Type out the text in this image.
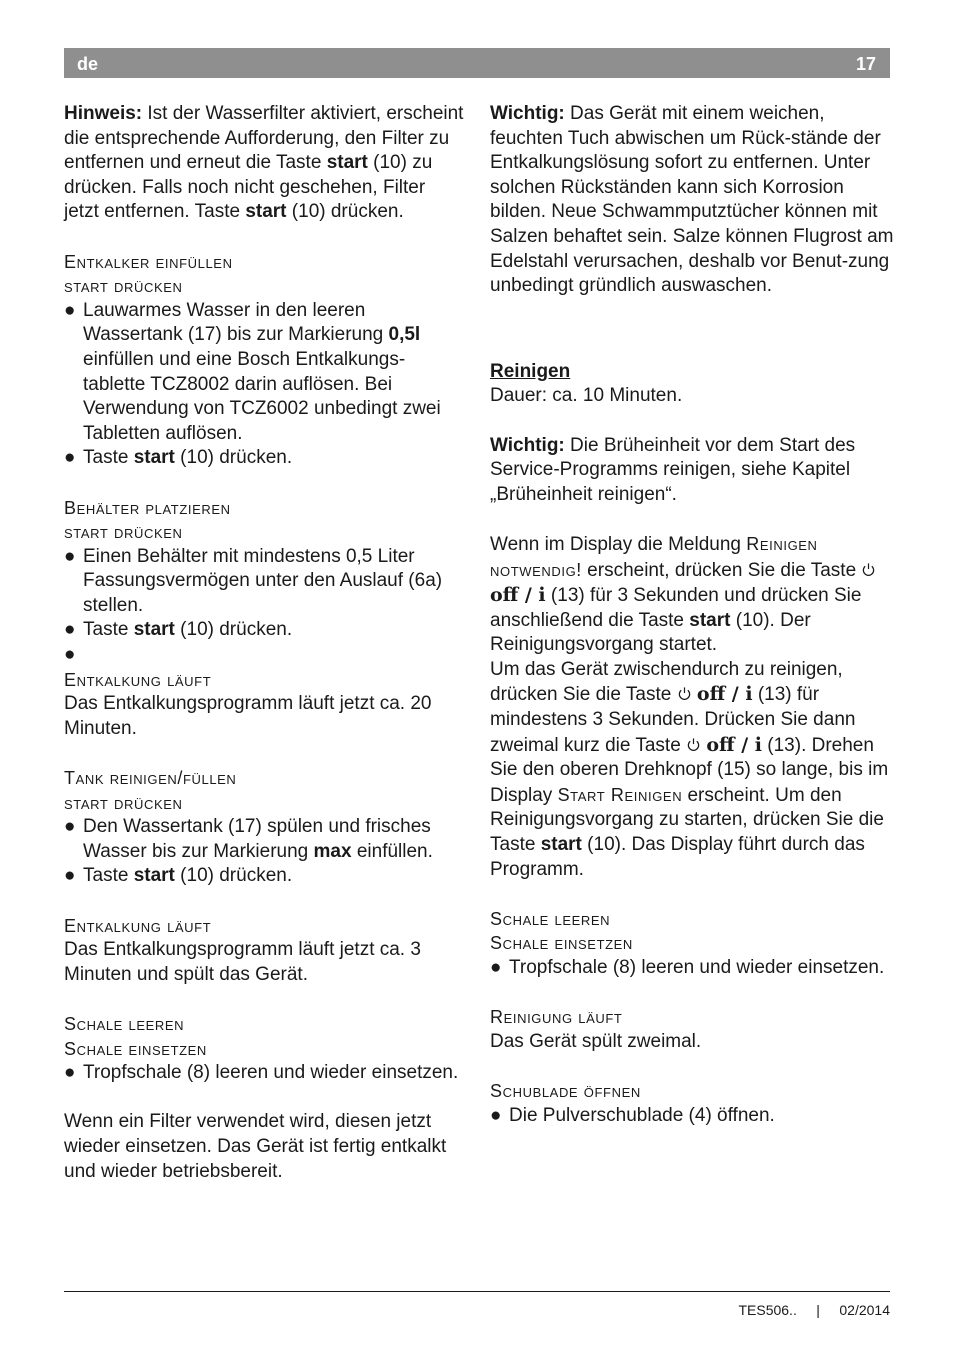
de	17

Hinweis: Ist der Wasserfilter aktiviert, erscheint die entsprechende Aufforderung, den Filter zu entfernen und erneut die Taste start (10) zu drücken. Falls noch nicht geschehen, Filter jetzt entfernen. Taste start (10) drücken.

Entkalker einfüllen
start drücken
● Lauwarmes Wasser in den leeren Wassertank (17) bis zur Markierung 0,5l einfüllen und eine Bosch Entkalkungs-tablette TCZ8002 darin auflösen. Bei Verwendung von TCZ6002 unbedingt zwei Tabletten auflösen.
● Taste start (10) drücken.
Behälter platzieren
start drücken
● Einen Behälter mit mindestens 0,5 Liter Fassungsvermögen unter den Auslauf (6a) stellen.
● Taste start (10) drücken.
●
Entkalkung läuft

Das Entkalkungsprogramm läuft jetzt ca. 20 Minuten.

Tank reinigen/füllen
start drücken
● Den Wassertank (17) spülen und frisches Wasser bis zur Markierung max einfüllen.
● Taste start (10) drücken.
Entkalkung läuft

Das Entkalkungsprogramm läuft jetzt ca. 3 Minuten und spült das Gerät.

Schale leeren
Schale einsetzen
● Tropfschale (8) leeren und wieder einsetzen.

Wenn ein Filter verwendet wird, diesen jetzt wieder einsetzen. Das Gerät ist fertig entkalkt und wieder betriebsbereit.

Wichtig: Das Gerät mit einem weichen, feuchten Tuch abwischen um Rück-stände der Entkalkungslösung sofort zu entfernen. Unter solchen Rückständen kann sich Korrosion bilden. Neue Schwammputztücher können mit Salzen behaftet sein. Salze können Flugrost am Edelstahl verursachen, deshalb vor Benut-zung unbedingt gründlich auswaschen.

Reinigen

Dauer: ca. 10 Minuten.

Wichtig: Die Brüheinheit vor dem Start des Service-Programms reinigen, siehe Kapitel „Brüheinheit reinigen“.

Wenn im Display die Meldung Reinigen notwendig! erscheint, drücken Sie die Taste  off / i (13) für 3 Sekunden und drücken Sie anschließend die Taste start (10). Der Reinigungsvorgang startet.

Um das Gerät zwischendurch zu reinigen, drücken Sie die Taste  off / i (13) für mindestens 3 Sekunden. Drücken Sie dann zweimal kurz die Taste  off / i (13). Drehen Sie den oberen Drehknopf (15) so lange, bis im Display Start Reinigen erscheint. Um den Reinigungsvorgang zu starten, drücken Sie die Taste start (10). Das Display führt durch das Programm.

Schale leeren
Schale einsetzen
● Tropfschale (8) leeren und wieder einsetzen.
Reinigung läuft

Das Gerät spült zweimal.

Schublade öffnen
● Die Pulverschublade (4) öffnen.
TES506.. | 02/2014
